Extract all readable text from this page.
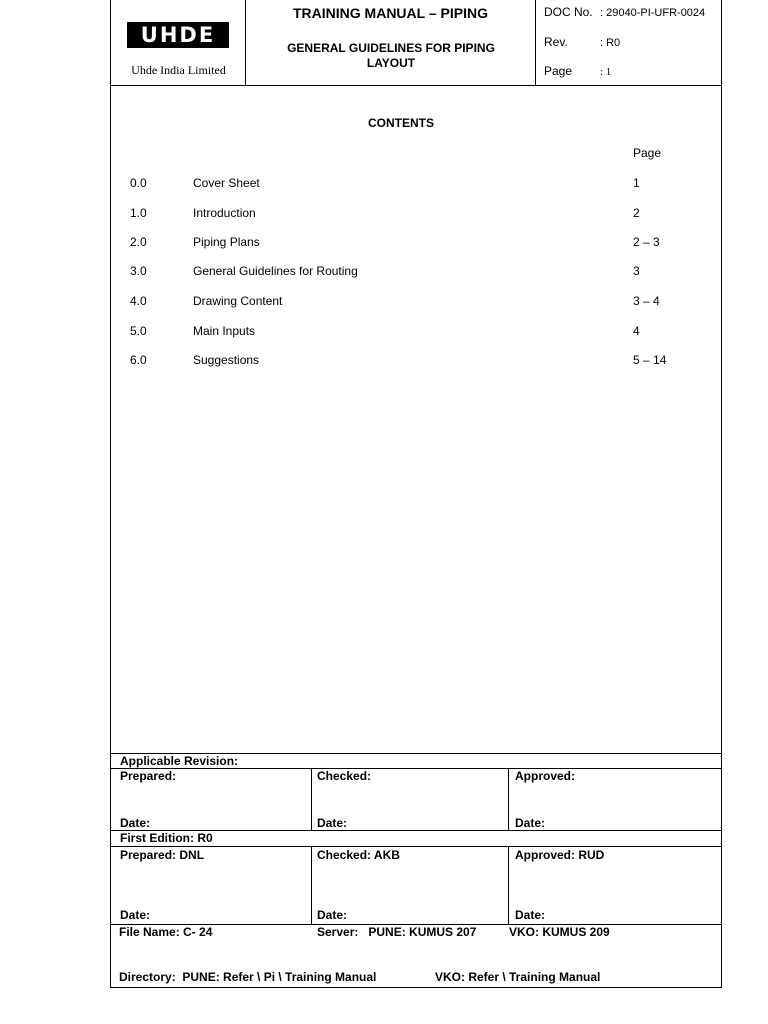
UHDE
Uhde India Limited
TRAINING MANUAL – PIPING
GENERAL GUIDELINES FOR PIPING LAYOUT
DOC No. : 29040-PI-UFR-0024
Rev.	: R0
Page	: 1
CONTENTS
Page
0.0	Cover Sheet	1
1.0	Introduction	2
2.0	Piping Plans	2 – 3
3.0	General Guidelines for Routing	3
4.0	Drawing Content	3 – 4
5.0	Main Inputs	4
6.0	Suggestions	5 – 14
Applicable Revision:
Prepared:	Checked:	Approved:
Date:	Date:	Date:
First Edition: R0
Prepared: DNL	Checked: AKB	Approved: RUD
Date:	Date:	Date:
File Name: C- 24	Server:   PUNE: KUMUS 207	VKO: KUMUS 209
Directory:  PUNE: Refer \ Pi \ Training Manual	VKO: Refer \ Training Manual
